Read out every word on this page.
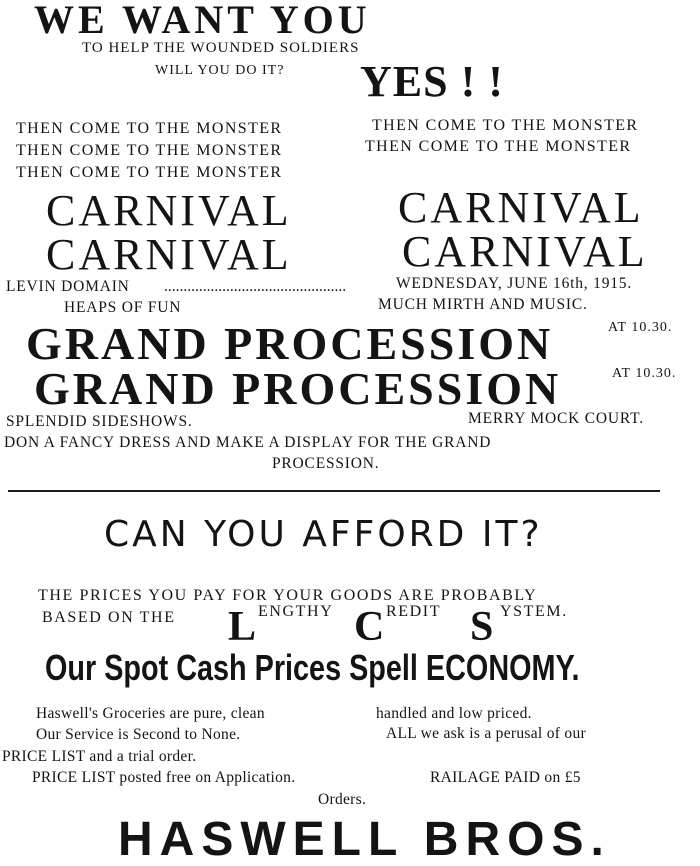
WE WANT YOU
TO HELP THE WOUNDED SOLDIERS
WILL YOU DO IT? YES ! !
THEN COME TO THE MONSTER
THEN COME TO THE MONSTER
THEN COME TO THE MONSTER
THEN COME TO THE MONSTER
THEN COME TO THE MONSTER
CARNIVAL CARNIVAL
CARNIVAL	CARNIVAL
LEVIN DOMAIN ...............................................	WEDNESDAY, JUNE 16th, 1915.
HEAPS OF FUN	MUCH MIRTH AND MUSIC.
GRAND PROCESSION	AT 10.30.
GRAND PROCESSION	AT 10.30.
SPLENDID SIDESHOWS.	MERRY MOCK COURT.
DON A FANCY DRESS AND MAKE A DISPLAY FOR THE GRAND
PROCESSION.
CAN YOU AFFORD IT?
THE PRICES YOU PAY FOR YOUR GOODS ARE PROBABLY
BASED ON THE L ENGTHY C REDIT S YSTEM.
Our Spot Cash Prices Spell ECONOMY.
Haswell's Groceries are pure, clean	handled and low priced.
Our Service is Second to None.	ALL we ask is a perusal of our
PRICE LIST and a trial order.
PRICE LIST posted free on Application.	RAILAGE PAID on £5
Orders.
HASWELL BROS.
